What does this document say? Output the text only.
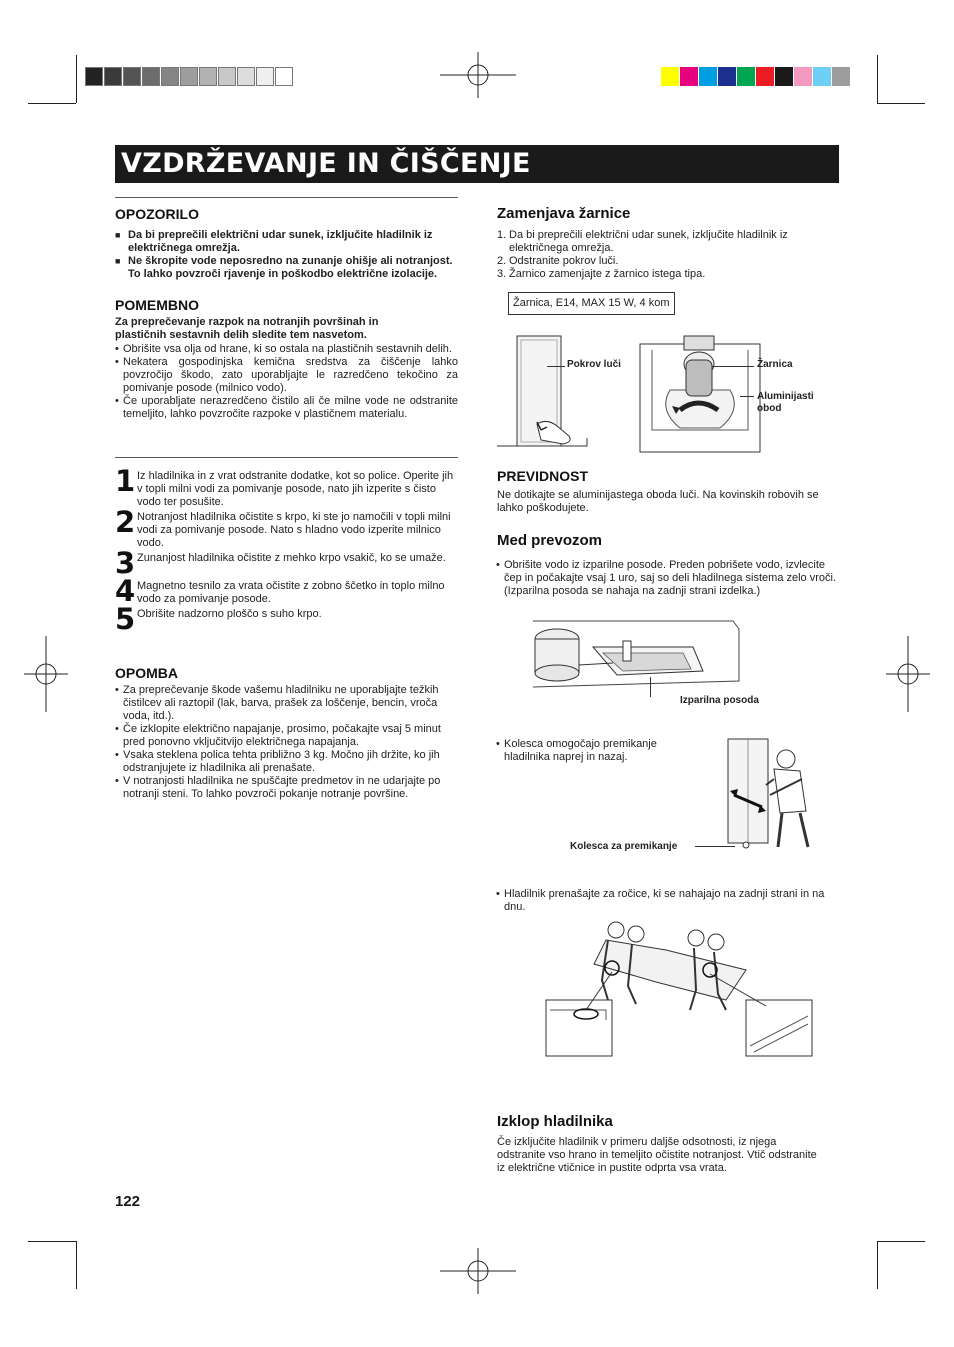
VZDRŽEVANJE IN ČIŠČENJE
OPOZORILO
■ Da bi preprečili električni udar sunek, izključite hladilnik iz električnega omrežja.
■ Ne škropite vode neposredno na zunanje ohišje ali notranjost. To lahko povzroči rjavenje in poškodbo električne izolacije.
POMEMBNO
Za preprečevanje razpok na notranjih površinah in plastičnih sestavnih delih sledite tem nasvetom.
• Obrišite vsa olja od hrane, ki so ostala na plastičnih sestavnih delih.
• Nekatera gospodinjska kemična sredstva za čiščenje lahko povzročijo škodo, zato uporabljajte le razredčeno tekočino za pomivanje posode (milnico vodo).
• Če uporabljate nerazredčeno čistilo ali če milne vode ne odstranite temeljito, lahko povzročite razpoke v plastičnem materialu.
1 Iz hladilnika in z vrat odstranite dodatke, kot so police. Operite jih v topli milni vodi za pomivanje posode, nato jih izperite s čisto vodo ter posušite.
2 Notranjost hladilnika očistite s krpo, ki ste jo namočili v topli milni vodi za pomivanje posode. Nato s hladno vodo izperite milnico vodo.
3 Zunanjost hladilnika očistite z mehko krpo vsakič, ko se umaže.
4 Magnetno tesnilo za vrata očistite z zobno ščetko in toplo milno vodo za pomivanje posode.
5 Obrišite nadzorno ploščo s suho krpo.
OPOMBA
• Za preprečevanje škode vašemu hladilniku ne uporabljajte težkih čistilcev ali raztopil (lak, barva, prašek za loščenje, bencin, vroča voda, itd.).
• Če izklopite električno napajanje, prosimo, počakajte vsaj 5 minut pred ponovno vključitvijo električnega napajanja.
• Vsaka steklena polica tehta približno 3 kg. Močno jih držite, ko jih odstranjujete iz hladilnika ali prenašate.
• V notranjosti hladilnika ne spuščajte predmetov in ne udarjajte po notranji steni. To lahko povzroči pokanje notranje površine.
122
Zamenjava žarnice
1. Da bi preprečili električni udar sunek, izključite hladilnik iz električnega omrežja.
2. Odstranite pokrov luči.
3. Žarnico zamenjajte z žarnico istega tipa.
Žarnica, E14, MAX 15 W, 4 kom
Pokrov luči	Žarnica
Aluminijasti
obod
PREVIDNOST
Ne dotikajte se aluminijastega oboda luči. Na kovinskih robovih se lahko poškodujete.
Med prevozom
• Obrišite vodo iz izparilne posode. Preden pobrišete vodo, izvlecite čep in počakajte vsaj 1 uro, saj so deli hladilnega sistema zelo vroči. (Izparilna posoda se nahaja na zadnji strani izdelka.)
Izparilna posoda
• Kolesca omogočajo premikanje hladilnika naprej in nazaj.
Kolesca za premikanje
• Hladilnik prenašajte za ročice, ki se nahajajo na zadnji strani in na dnu.
Izklop hladilnika
Če izključite hladilnik v primeru daljše odsotnosti, iz njega odstranite vso hrano in temeljito očistite notranjost. Vtič odstranite iz električne vtičnice in pustite odprta vsa vrata.
